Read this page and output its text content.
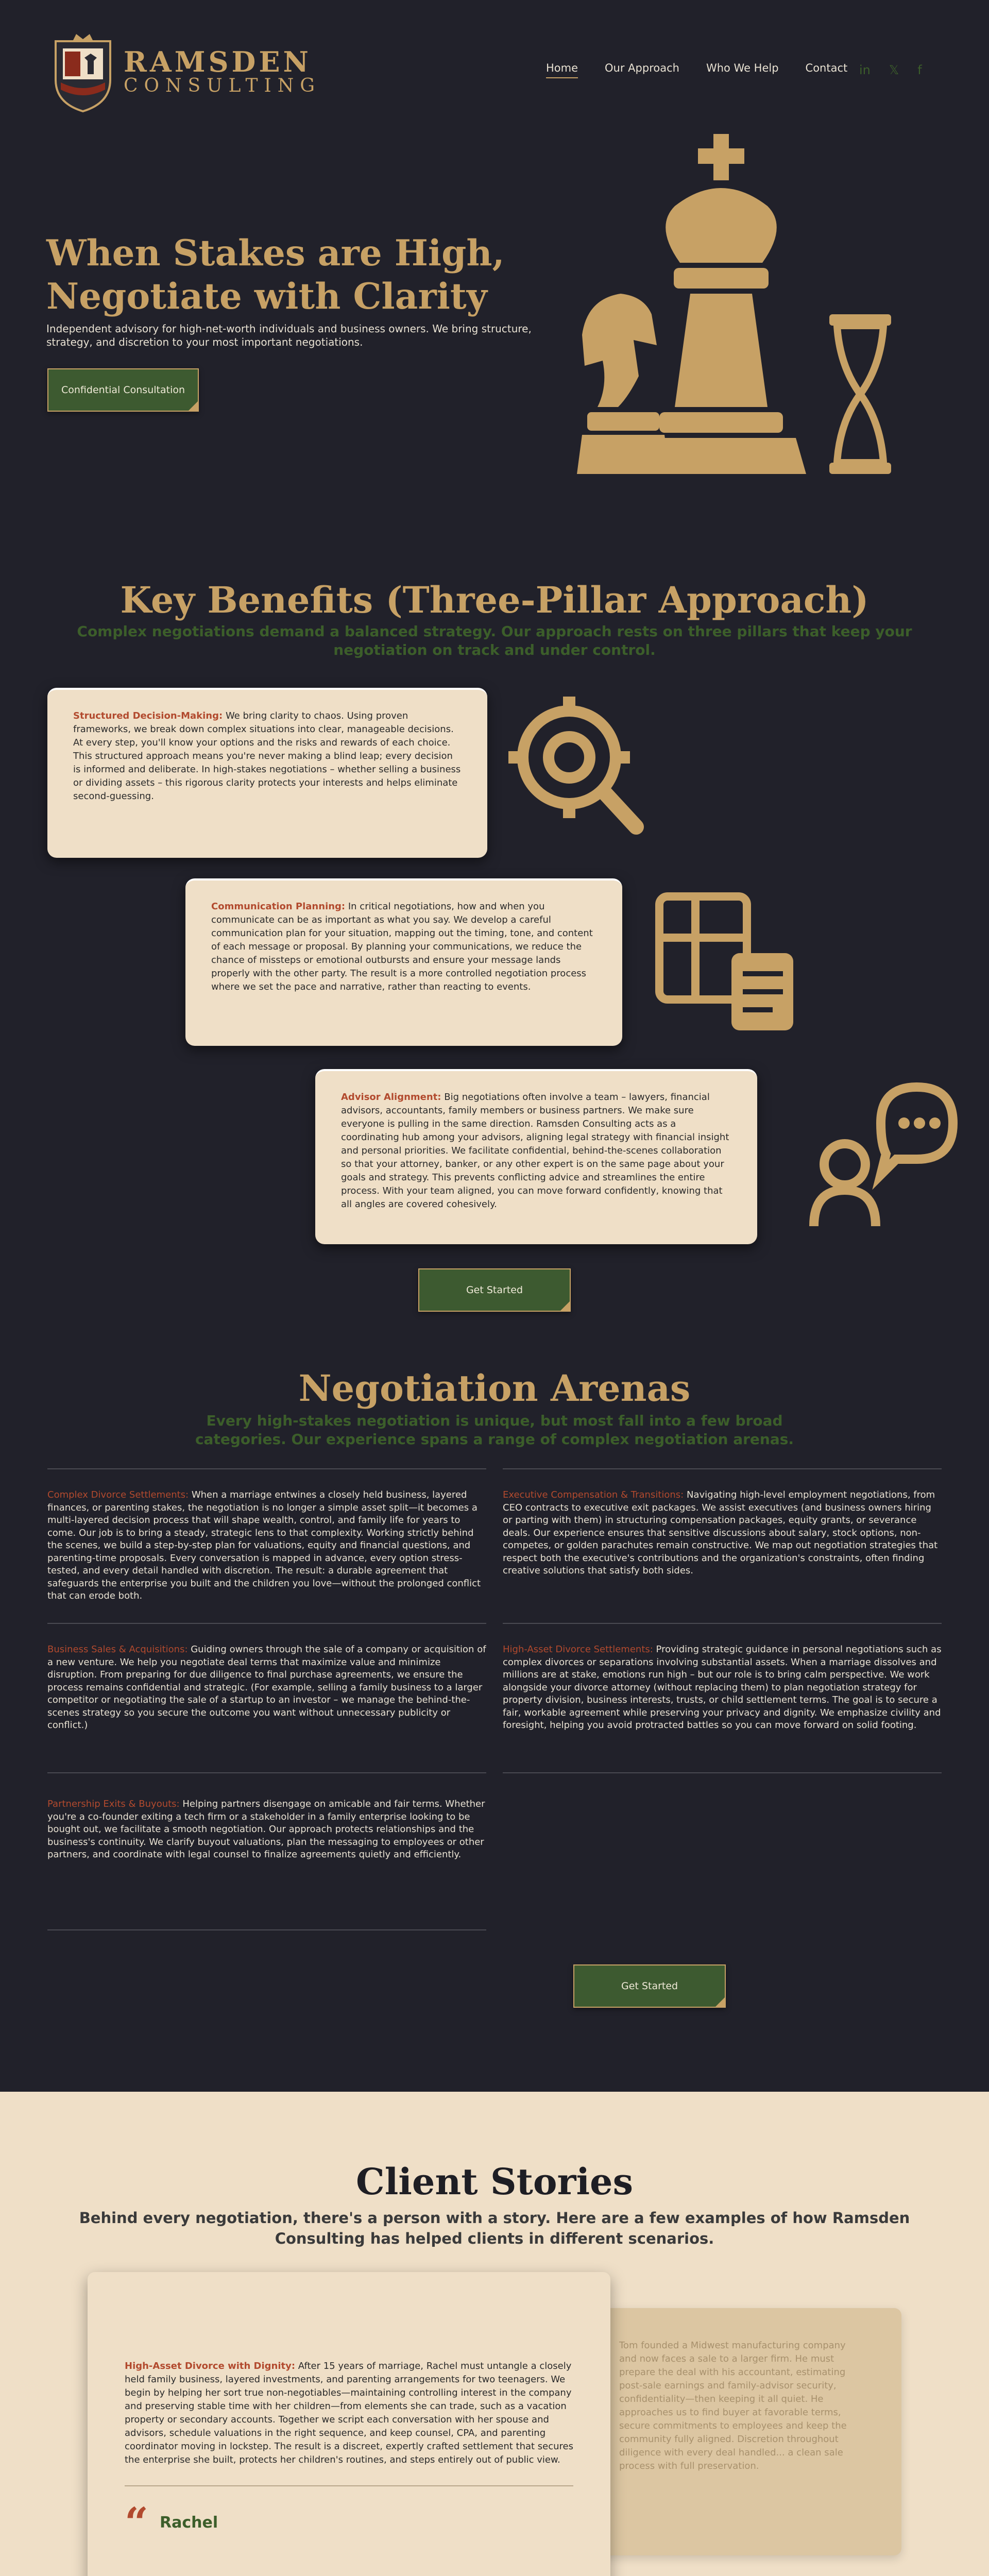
RAMSDEN
CONSULTING
Home Our Approach Who We Help Contact in 𝕏 f
When Stakes are High,
Negotiate with Clarity
Independent advisory for high-net-worth individuals and business owners. We bring structure, strategy, and discretion to your most important negotiations.
Confidential Consultation
Key Benefits (Three-Pillar Approach)
Complex negotiations demand a balanced strategy. Our approach rests on three pillars that keep your negotiation on track and under control.
Structured Decision-Making: We bring clarity to chaos. Using proven frameworks, we break down complex situations into clear, manageable decisions. At every step, you'll know your options and the risks and rewards of each choice. This structured approach means you're never making a blind leap; every decision is informed and deliberate. In high-stakes negotiations – whether selling a business or dividing assets – this rigorous clarity protects your interests and helps eliminate second-guessing.
Communication Planning: In critical negotiations, how and when you communicate can be as important as what you say. We develop a careful communication plan for your situation, mapping out the timing, tone, and content of each message or proposal. By planning your communications, we reduce the chance of missteps or emotional outbursts and ensure your message lands properly with the other party. The result is a more controlled negotiation process where we set the pace and narrative, rather than reacting to events.
Advisor Alignment: Big negotiations often involve a team – lawyers, financial advisors, accountants, family members or business partners. We make sure everyone is pulling in the same direction. Ramsden Consulting acts as a coordinating hub among your advisors, aligning legal strategy with financial insight and personal priorities. We facilitate confidential, behind-the-scenes collaboration so that your attorney, banker, or any other expert is on the same page about your goals and strategy. This prevents conflicting advice and streamlines the entire process. With your team aligned, you can move forward confidently, knowing that all angles are covered cohesively.
Get Started
Negotiation Arenas
Every high-stakes negotiation is unique, but most fall into a few broad categories. Our experience spans a range of complex negotiation arenas.
Complex Divorce Settlements: When a marriage entwines a closely held business, layered finances, or parenting stakes, the negotiation is no longer a simple asset split—it becomes a multi-layered decision process that will shape wealth, control, and family life for years to come. Our job is to bring a steady, strategic lens to that complexity. Working strictly behind the scenes, we build a step-by-step plan for valuations, equity and financial questions, and parenting-time proposals. Every conversation is mapped in advance, every option stress-tested, and every detail handled with discretion. The result: a durable agreement that safeguards the enterprise you built and the children you love—without the prolonged conflict that can erode both.
Executive Compensation & Transitions: Navigating high-level employment negotiations, from CEO contracts to executive exit packages. We assist executives (and business owners hiring or parting with them) in structuring compensation packages, equity grants, or severance deals. Our experience ensures that sensitive discussions about salary, stock options, non-competes, or golden parachutes remain constructive. We map out negotiation strategies that respect both the executive's contributions and the organization's constraints, often finding creative solutions that satisfy both sides.
Business Sales & Acquisitions: Guiding owners through the sale of a company or acquisition of a new venture. We help you negotiate deal terms that maximize value and minimize disruption. From preparing for due diligence to final purchase agreements, we ensure the process remains confidential and strategic. (For example, selling a family business to a larger competitor or negotiating the sale of a startup to an investor – we manage the behind-the-scenes strategy so you secure the outcome you want without unnecessary publicity or conflict.)
High-Asset Divorce Settlements: Providing strategic guidance in personal negotiations such as complex divorces or separations involving substantial assets. When a marriage dissolves and millions are at stake, emotions run high – but our role is to bring calm perspective. We work alongside your divorce attorney (without replacing them) to plan negotiation strategy for property division, business interests, trusts, or child settlement terms. The goal is to secure a fair, workable agreement while preserving your privacy and dignity. We emphasize civility and foresight, helping you avoid protracted battles so you can move forward on solid footing.
Partnership Exits & Buyouts: Helping partners disengage on amicable and fair terms. Whether you're a co-founder exiting a tech firm or a stakeholder in a family enterprise looking to be bought out, we facilitate a smooth negotiation. Our approach protects relationships and the business's continuity. We clarify buyout valuations, plan the messaging to employees or other partners, and coordinate with legal counsel to finalize agreements quietly and efficiently.
Get Started
Client Stories
Behind every negotiation, there's a person with a story. Here are a few examples of how Ramsden Consulting has helped clients in different scenarios.
Tom founded a Midwest manufacturing company and now faces a sale to a larger firm. He must prepare the deal with his accountant, estimating post-sale earnings and family-advisor security, confidentiality—then keeping it all quiet. He approaches us to find buyer at favorable terms, secure commitments to employees and keep the community fully aligned. Discretion throughout diligence with every deal handled... a clean sale process with full preservation.
High-Asset Divorce with Dignity: After 15 years of marriage, Rachel must untangle a closely held family business, layered investments, and parenting arrangements for two teenagers. We begin by helping her sort true non-negotiables—maintaining controlling interest in the company and preserving stable time with her children—from elements she can trade, such as a vacation property or secondary accounts. Together we script each conversation with her spouse and advisors, schedule valuations in the right sequence, and keep counsel, CPA, and parenting coordinator moving in lockstep. The result is a discreet, expertly crafted settlement that secures the enterprise she built, protects her children's routines, and steps entirely out of public view.
“ Rachel
